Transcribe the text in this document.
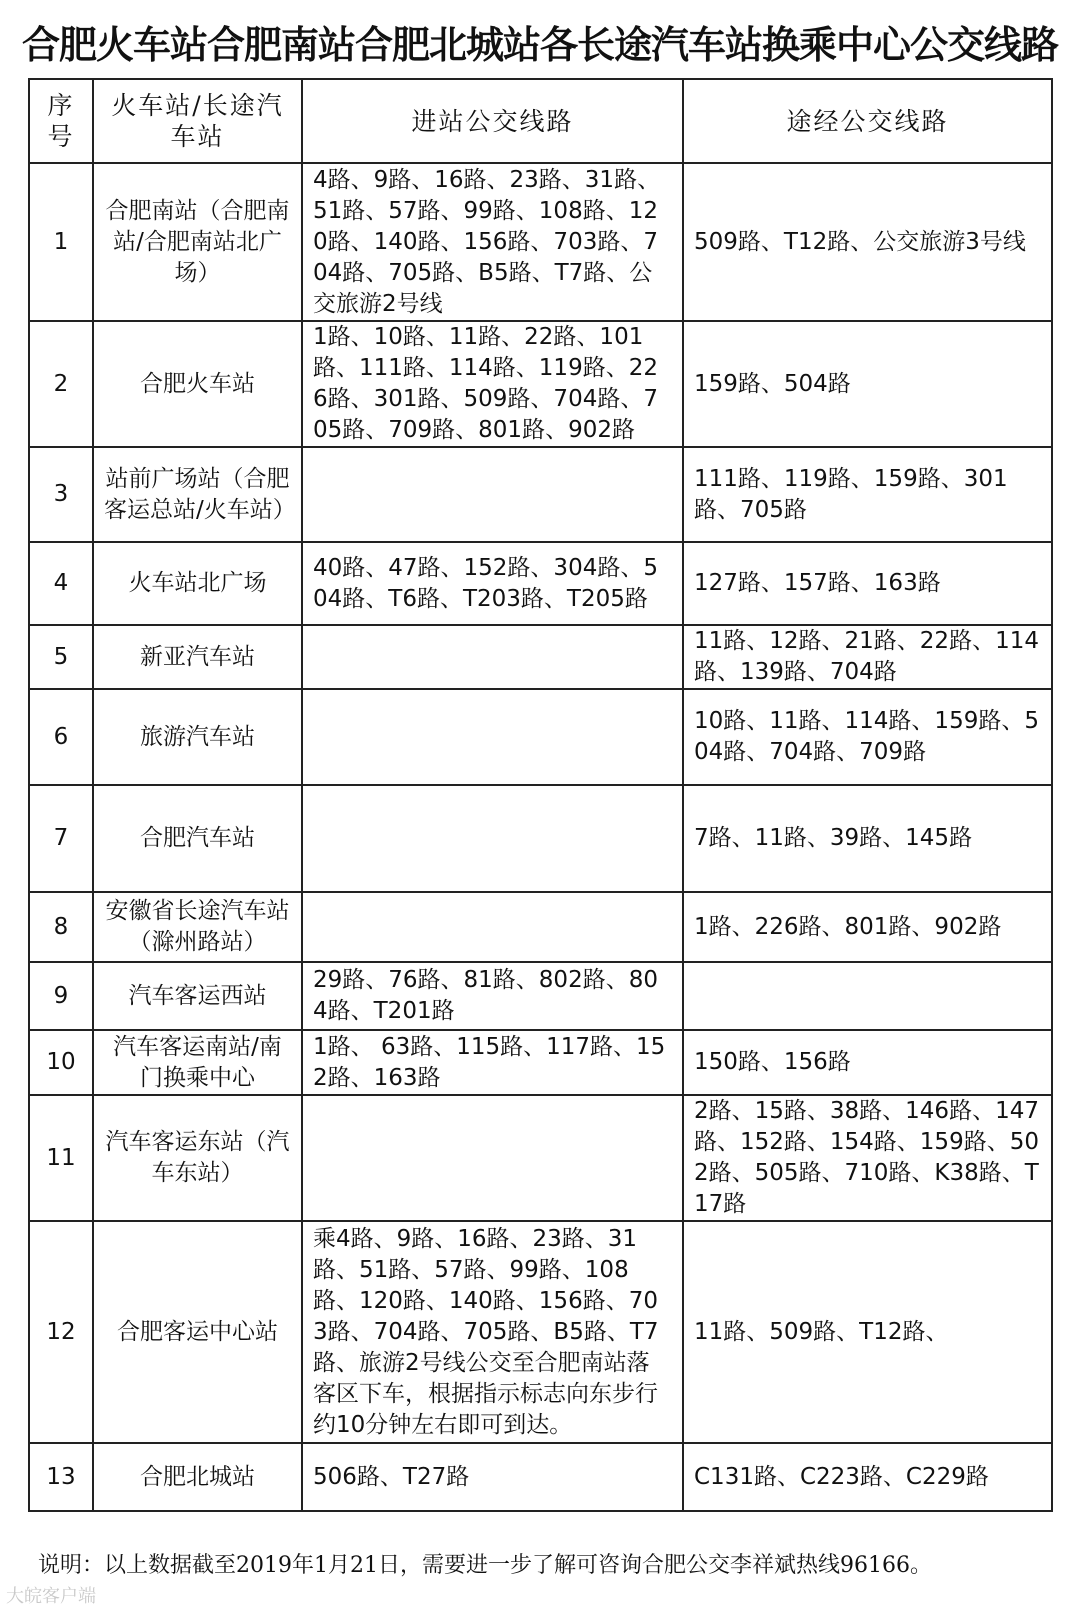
合肥火车站合肥南站合肥北城站各长途汽车站换乘中心公交线路
序号	火车站/长途汽车站	进站公交线路	途经公交线路
1	合肥南站（合肥南站/合肥南站北广场）	4路、9路、16路、23路、31路、51路、57路、99路、108路、120路、140路、156路、703路、704路、705路、B5路、T7路、公交旅游2号线	509路、T12路、公交旅游3号线
2	合肥火车站	1路、10路、11路、22路、101路、111路、114路、119路、226路、301路、509路、704路、705路、709路、801路、902路	159路、504路
3	站前广场站（合肥客运总站/火车站）		111路、119路、159路、301路、705路
4	火车站北广场	40路、47路、152路、304路、504路、T6路、T203路、T205路	127路、157路、163路
5	新亚汽车站		11路、12路、21路、22路、114路、139路、704路
6	旅游汽车站		10路、11路、114路、159路、504路、704路、709路
7	合肥汽车站		7路、11路、39路、145路
8	安徽省长途汽车站（滁州路站）		1路、226路、801路、902路
9	汽车客运西站	29路、76路、81路、802路、804路、T201路	
10	汽车客运南站/南门换乘中心	1路、 63路、115路、117路、152路、163路	150路、156路
11	汽车客运东站（汽车东站）		2路、15路、38路、146路、147路、152路、154路、159路、502路、505路、710路、K38路、T17路
12	合肥客运中心站	乘4路、9路、16路、23路、31路、51路、57路、99路、108路、120路、140路、156路、703路、704路、705路、B5路、T7路、旅游2号线公交至合肥南站落客区下车，根据指示标志向东步行约10分钟左右即可到达。	11路、509路、T12路、
13	合肥北城站	506路、T27路	C131路、C223路、C229路
说明：以上数据截至2019年1月21日，需要进一步了解可咨询合肥公交李祥斌热线96166。
大皖客户端
